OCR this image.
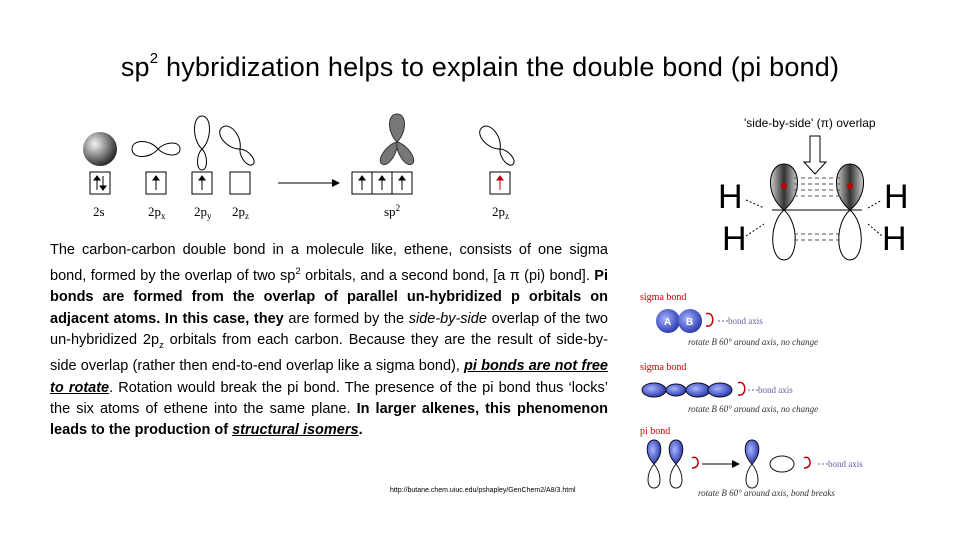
$sp^2$ hybridization helps to explain the double bond (pi bond)
2s	$2p_x$ $2p_y$ $2p_z$	$sp^2$	$2p_z$
'side-by-side' (π) overlap
H	H
H	H
The carbon-carbon double bond in a molecule like, ethene, consists of one sigma bond, formed by the overlap of two $sp^2$ orbitals, and a second bond, [a π (pi) bond]. Pi bonds are formed from the overlap of parallel un-hybridized p orbitals on adjacent atoms. In this case, they are formed by the side-by-side overlap of the two un-hybridized $2p_z$ orbitals from each carbon. Because they are the result of side-by-side overlap (rather then end-to-end overlap like a sigma bond), pi bonds are not free to rotate. Rotation would break the pi bond. The presence of the pi bond thus ‘locks’ the six atoms of ethene into the same plane. In larger alkenes, this phenomenon leads to the production of structural isomers.
http://butane.chem.uiuc.edu/pshapley/GenChem2/A8/3.html
sigma bond
A B	bond axis
rotate B 60° around axis, no change
sigma bond
bond axis
rotate B 60° around axis, no change
pi bond
bond axis
rotate B 60° around axis, bond breaks
